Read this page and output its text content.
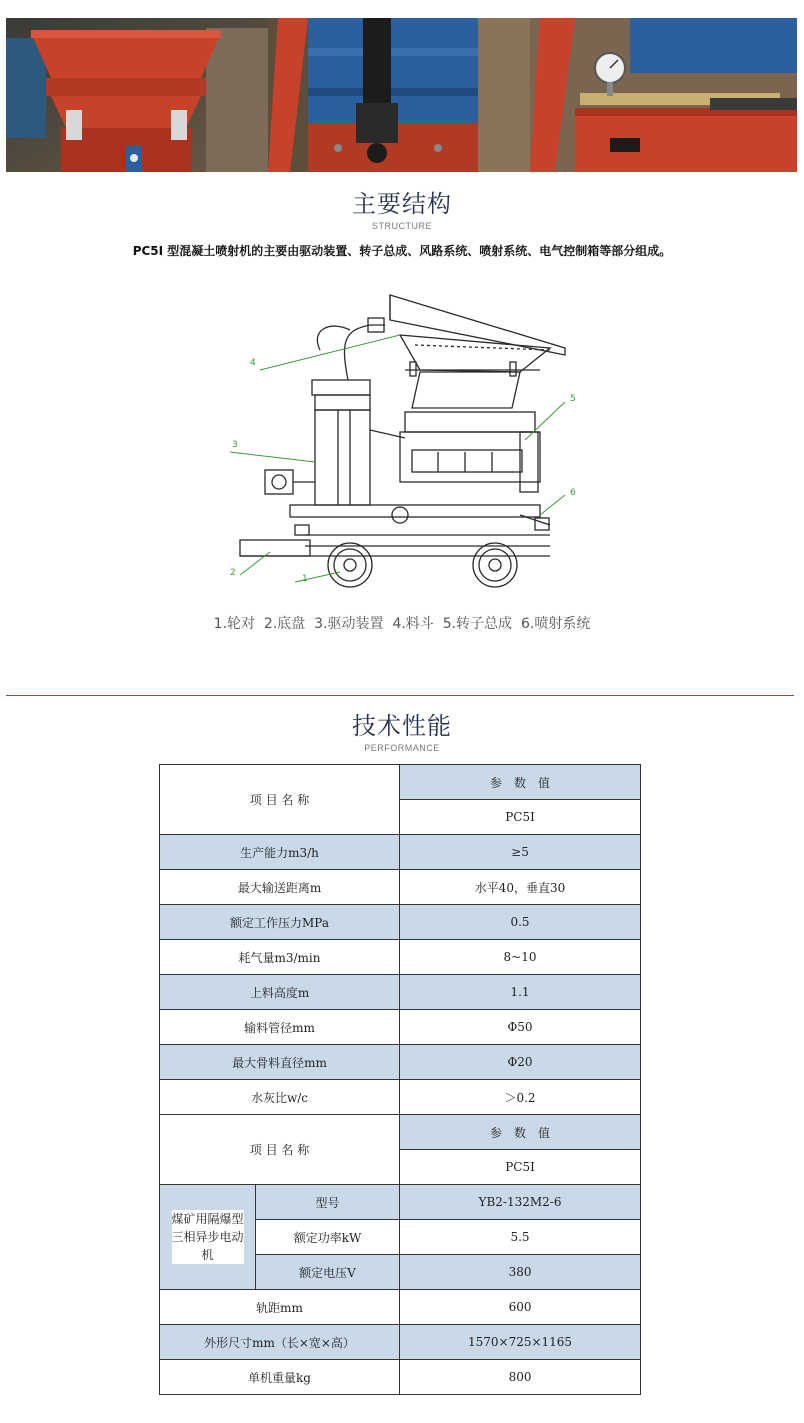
主要结构
STRUCTURE
PC5I 型混凝土喷射机的主要由驱动装置、转子总成、风路系统、喷射系统、电气控制箱等部分组成。
4
3
2
1
5
6
1.轮对  2.底盘  3.驱动装置  4.料斗  5.转子总成  6.喷射系统
技术性能
PERFORMANCE
项 目 名 称		参　数　值
		PC5I
生产能力m3/h		≥5
最大输送距离m		水平40，垂直30
额定工作压力MPa		0.5
耗气量m3/min		8~10
上料高度m		1.1
输料管径mm		Φ50
最大骨料直径mm		Φ20
水灰比w/c		＞0.2
项 目 名 称		参　数　值
		PC5I
煤矿用隔爆型三相异步电动机	型号	YB2-132M2-6
	额定功率kW	5.5
	额定电压V	380
轨距mm		600
外形尺寸mm（长×宽×高）		1570×725×1165
单机重量kg		800
